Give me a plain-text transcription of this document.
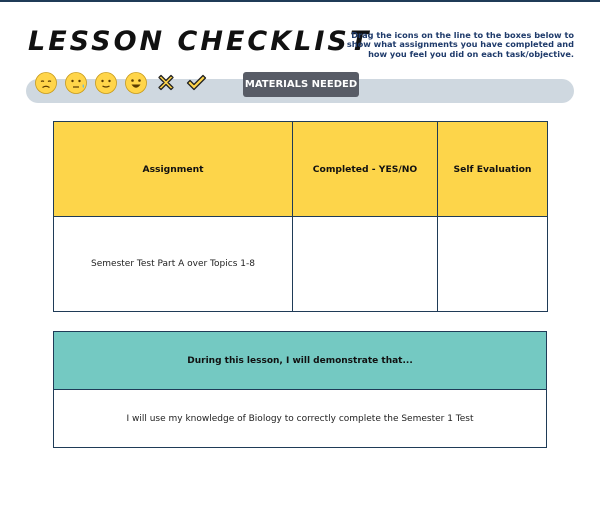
LESSON CHECKLIST
Drag the icons on the line to the boxes below to show what assignments you have completed and how you feel you did on each task/objective.
MATERIALS NEEDED
Assignment	Completed - YES/NO	Self Evaluation
Semester Test Part A over Topics 1-8		
During this lesson, I will demonstrate that...
I will use my knowledge of Biology to correctly complete the Semester 1 Test
